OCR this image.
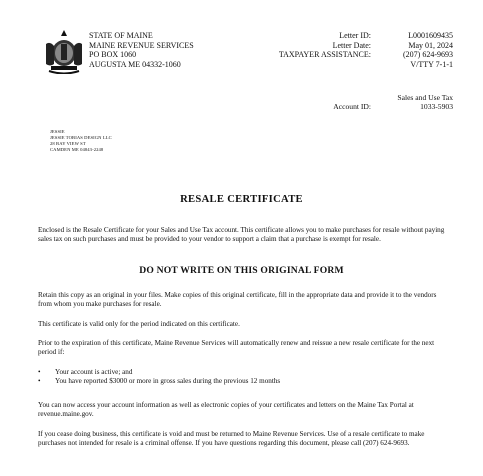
STATE OF MAINE
MAINE REVENUE SERVICES
PO BOX 1060
AUGUSTA ME 04332-1060
Letter ID:
Letter Date:
TAXPAYER ASSISTANCE:
L0001609435
May 01, 2024
(207) 624-9693
V/TTY 7-1-1

Account ID:
Sales and Use Tax
1033-5903
JESSIE
JESSIE TOBIAS DESIGN LLC
28 BAY VIEW ST
CAMDEN ME 04843-2248
RESALE CERTIFICATE
Enclosed is the Resale Certificate for your Sales and Use Tax account. This certificate allows you to make purchases for resale without paying sales tax on such purchases and must be provided to your vendor to support a claim that a purchase is exempt for resale.
DO NOT WRITE ON THIS ORIGINAL FORM
Retain this copy as an original in your files. Make copies of this original certificate, fill in the appropriate data and provide it to the vendors from whom you make purchases for resale.
This certificate is valid only for the period indicated on this certificate.
Prior to the expiration of this certificate, Maine Revenue Services will automatically renew and reissue a new resale certificate for the next period if:
•	Your account is active; and
•	You have reported $3000 or more in gross sales during the previous 12 months
You can now access your account information as well as electronic copies of your certificates and letters on the Maine Tax Portal at revenue.maine.gov.
If you cease doing business, this certificate is void and must be returned to Maine Revenue Services. Use of a resale certificate to make purchases not intended for resale is a criminal offense. If you have questions regarding this document, please call (207) 624-9693.
